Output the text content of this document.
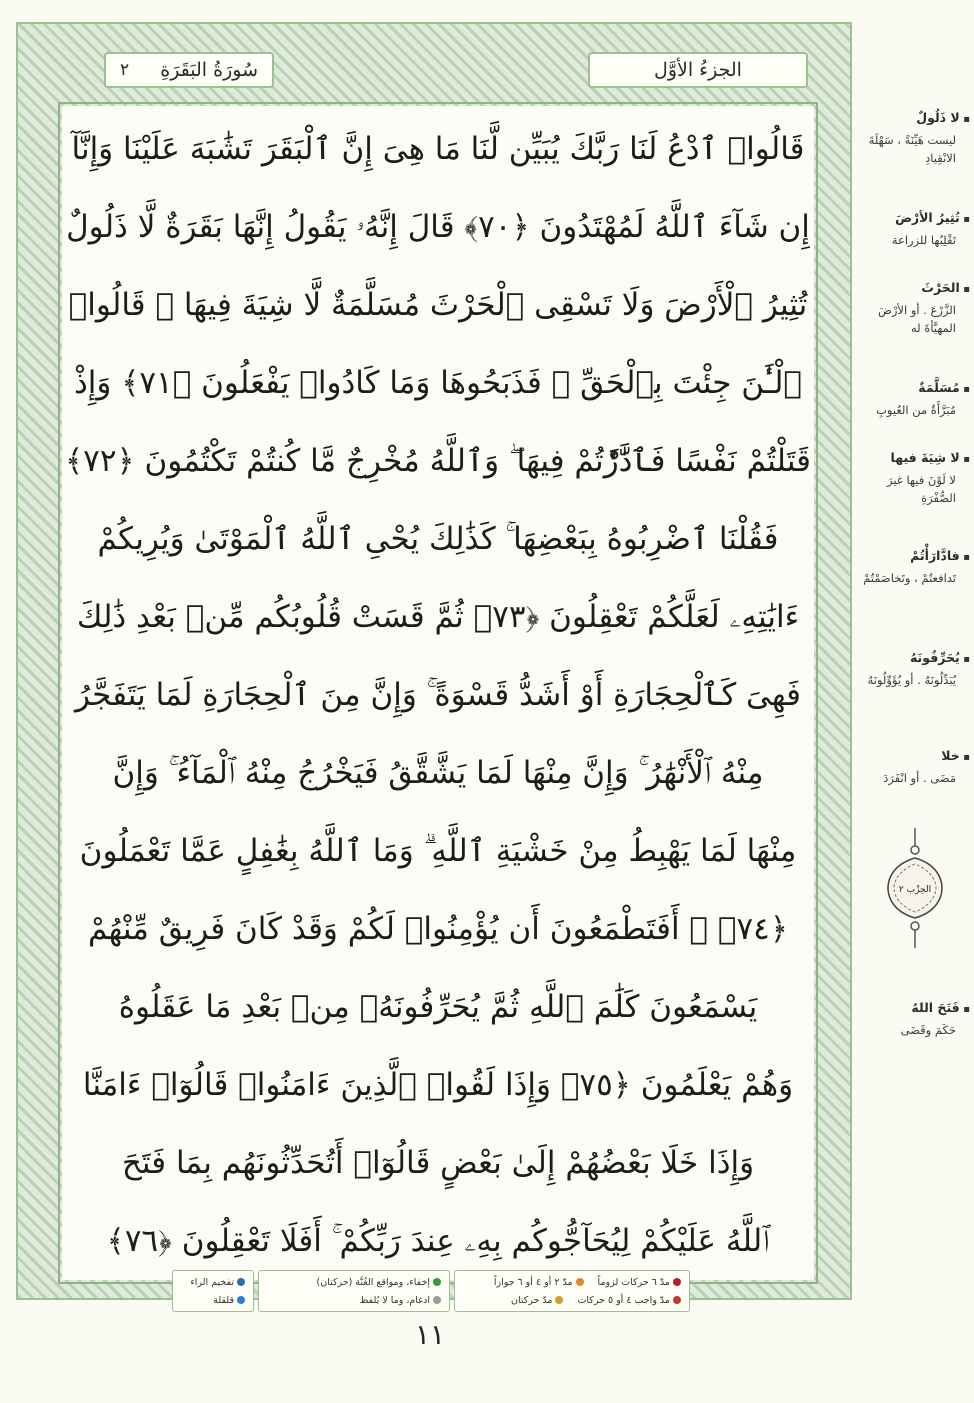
٢ سُورَةُ البَقَرَةِ	الجزءُ الأوَّل
قَالُوا۟ ٱدْعُ لَنَا رَبَّكَ يُبَيِّن لَّنَا مَا هِىَ إِنَّ ٱلْبَقَرَ تَشَٰبَهَ عَلَيْنَا وَإِنَّآ
إِن شَآءَ ٱللَّهُ لَمُهْتَدُونَ ﴿٧٠﴾ قَالَ إِنَّهُۥ يَقُولُ إِنَّهَا بَقَرَةٌ لَّا ذَلُولٌ
تُثِيرُ ٱلْأَرْضَ وَلَا تَسْقِى ٱلْحَرْثَ مُسَلَّمَةٌ لَّا شِيَةَ فِيهَا ۚ قَالُوا۟
ٱلْـَٰٔنَ جِئْتَ بِٱلْحَقِّ ۚ فَذَبَحُوهَا وَمَا كَادُوا۟ يَفْعَلُونَ ﴿٧١﴾ وَإِذْ
قَتَلْتُمْ نَفْسًا فَٱدَّٰرَْٰٔتُمْ فِيهَا ۖ وَٱللَّهُ مُخْرِجٌ مَّا كُنتُمْ تَكْتُمُونَ ﴿٧٢﴾
فَقُلْنَا ٱضْرِبُوهُ بِبَعْضِهَا ۚ كَذَٰلِكَ يُحْىِ ٱللَّهُ ٱلْمَوْتَىٰ وَيُرِيكُمْ
ءَايَٰتِهِۦ لَعَلَّكُمْ تَعْقِلُونَ ﴿٧٣﴾ ثُمَّ قَسَتْ قُلُوبُكُم مِّنۢ بَعْدِ ذَٰلِكَ
فَهِىَ كَٱلْحِجَارَةِ أَوْ أَشَدُّ قَسْوَةً ۚ وَإِنَّ مِنَ ٱلْحِجَارَةِ لَمَا يَتَفَجَّرُ
مِنْهُ ٱلْأَنْهَٰرُ ۚ وَإِنَّ مِنْهَا لَمَا يَشَّقَّقُ فَيَخْرُجُ مِنْهُ ٱلْمَآءُ ۚ وَإِنَّ
مِنْهَا لَمَا يَهْبِطُ مِنْ خَشْيَةِ ٱللَّهِ ۗ وَمَا ٱللَّهُ بِغَٰفِلٍ عَمَّا تَعْمَلُونَ
﴿٧٤﴾ ۞ أَفَتَطْمَعُونَ أَن يُؤْمِنُوا۟ لَكُمْ وَقَدْ كَانَ فَرِيقٌ مِّنْهُمْ
يَسْمَعُونَ كَلَٰمَ ٱللَّهِ ثُمَّ يُحَرِّفُونَهُۥ مِنۢ بَعْدِ مَا عَقَلُوهُ
وَهُمْ يَعْلَمُونَ ﴿٧٥﴾ وَإِذَا لَقُوا۟ ٱلَّذِينَ ءَامَنُوا۟ قَالُوٓا۟ ءَامَنَّا
وَإِذَا خَلَا بَعْضُهُمْ إِلَىٰ بَعْضٍ قَالُوٓا۟ أَتُحَدِّثُونَهُم بِمَا فَتَحَ
ٱللَّهُ عَلَيْكُمْ لِيُحَآجُّوكُم بِهِۦ عِندَ رَبِّكُمْ ۚ أَفَلَا تَعْقِلُونَ ﴿٧٦﴾
مدّ ٦ حركات لزوماً
مدّ ٢ أو ٤ أو ٦ جوازاً
مدّ واجب ٤ أو ٥ حركات
مدّ حركتان
إخفاء، ومواقع الغُنَّة (حركتان)
ادغام، وما لا يُلفظ
تفخيم الراء
قلقلة
١١
▪ لا ذَلُولٌ
ليست هَيِّنَةً ، سَهْلَةَ الانْقِيادِ
▪ تُثِيرُ الأرْضَ
تَقْلِبُها للزراعة
▪ الحَرْثَ
الزَّرْعَ . أو الأرْضَ المهيَّأةَ له
▪ مُسَلَّمَةٌ
مُبَرَّأَةٌ من العُيوبِ
▪ لا شِيَةَ فيها
لا لَوْنَ فيها غيرَ الصُّفْرَةِ
▪ فادَّارَأْتُمْ
تَدافعتُمْ ، وتَخاصَمْتُمْ
▪ يُحَرِّفُونَهُ
يُبَدِّلُونَهُ . أو يُؤَوِّلُونَهُ
▪ خلا
مَضَى . أو انْفَرَدَ
▪ فَتَحَ اللهُ
حَكَمَ وقَضَى
الحِزْب ٢
